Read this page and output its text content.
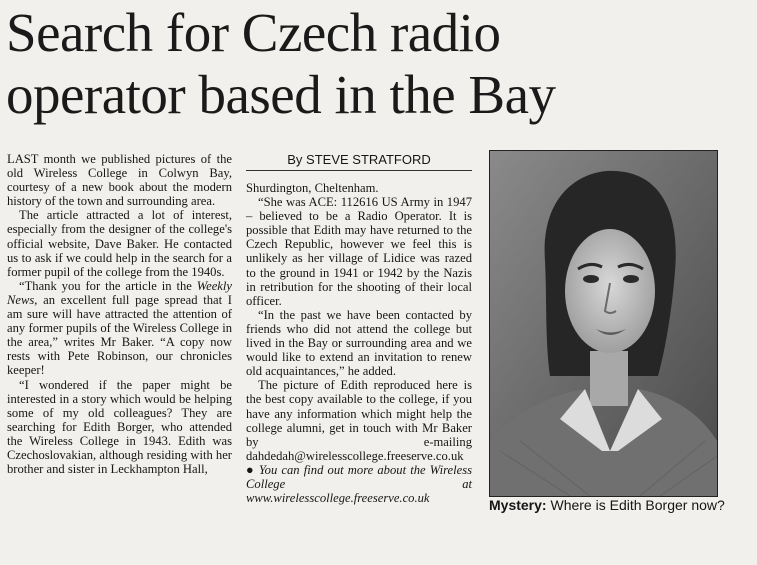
Search for Czech radio
operator based in the Bay

LAST month we published pictures of the old Wireless College in Colwyn Bay, courtesy of a new book about the modern history of the town and surrounding area.

The article attracted a lot of interest, especially from the designer of the college's official website, Dave Baker. He contacted us to ask if we could help in the search for a former pupil of the college from the 1940s.

“Thank you for the article in the Weekly News, an excellent full page spread that I am sure will have attracted the attention of any former pupils of the Wireless College in the area,” writes Mr Baker. “A copy now rests with Pete Robinson, our chronicles keeper!

“I wondered if the paper might be interested in a story which would be helping some of my old colleagues? They are searching for Edith Borger, who attended the Wireless College in 1943. Edith was Czechoslovakian, although residing with her brother and sister in Leckhampton Hall,

By STEVE STRATFORD

Shurdington, Cheltenham.

“She was ACE: 112616 US Army in 1947 – believed to be a Radio Operator. It is possible that Edith may have returned to the Czech Republic, however we feel this is unlikely as her village of Lidice was razed to the ground in 1941 or 1942 by the Nazis in retribution for the shooting of their local officer.

“In the past we have been contacted by friends who did not attend the college but lived in the Bay or surrounding area and we would like to extend an invitation to renew old acquaintances,” he added.

The picture of Edith reproduced here is the best copy available to the college, if you have any information which might help the college alumni, get in touch with Mr Baker by e-mailing dahdedah@wirelesscollege.freeserve.co.uk

● You can find out more about the Wireless College at www.wirelesscollege.freeserve.co.uk	Mystery: Where is Edith Borger now?
